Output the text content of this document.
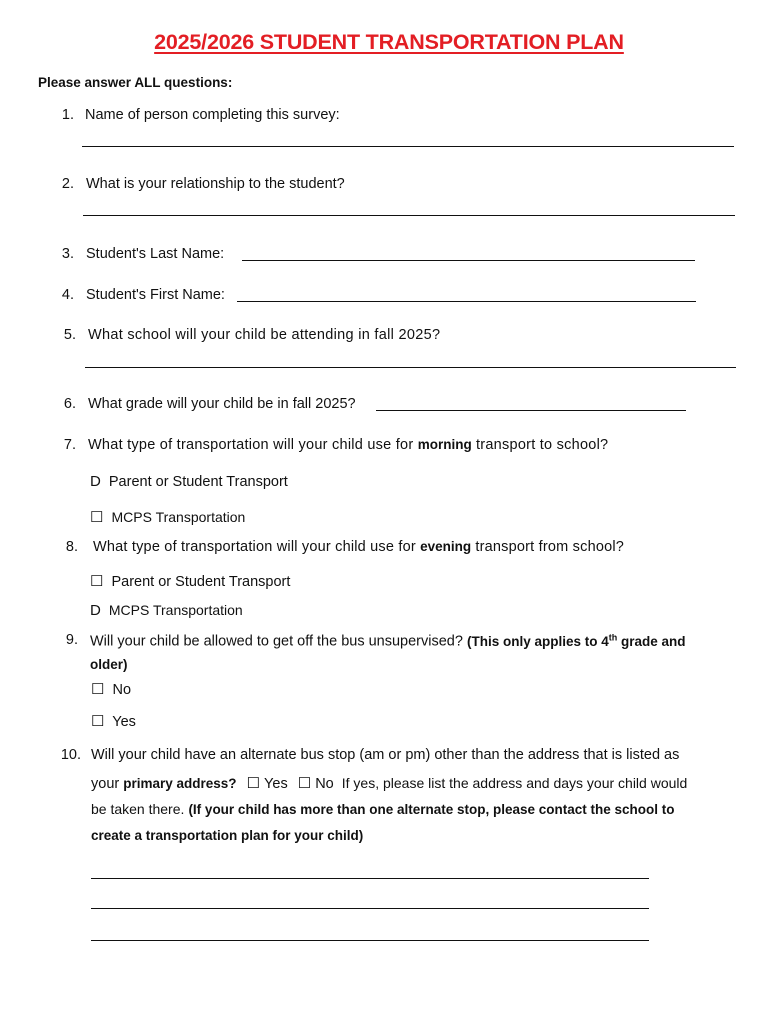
2025/2026 STUDENT TRANSPORTATION PLAN
Please answer ALL questions:
1. Name of person completing this survey:
2. What is your relationship to the student?
3. Student's Last Name:
4. Student's First Name:
5. What school will your child be attending in fall 2025?
6. What grade will your child be in fall 2025?
7. What type of transportation will your child use for morning transport to school?
D Parent or Student Transport
☐ MCPS Transportation
8. What type of transportation will your child use for evening transport from school?
☐ Parent or Student Transport
D MCPS Transportation
9. Will your child be allowed to get off the bus unsupervised? (This only applies to 4th grade and
older)
☐ No
☐ Yes
10. Will your child have an alternate bus stop (am or pm) other than the address that is listed as
your primary address? ☐ Yes ☐ No If yes, please list the address and days your child would
be taken there. (If your child has more than one alternate stop, please contact the school to
create a transportation plan for your child)
